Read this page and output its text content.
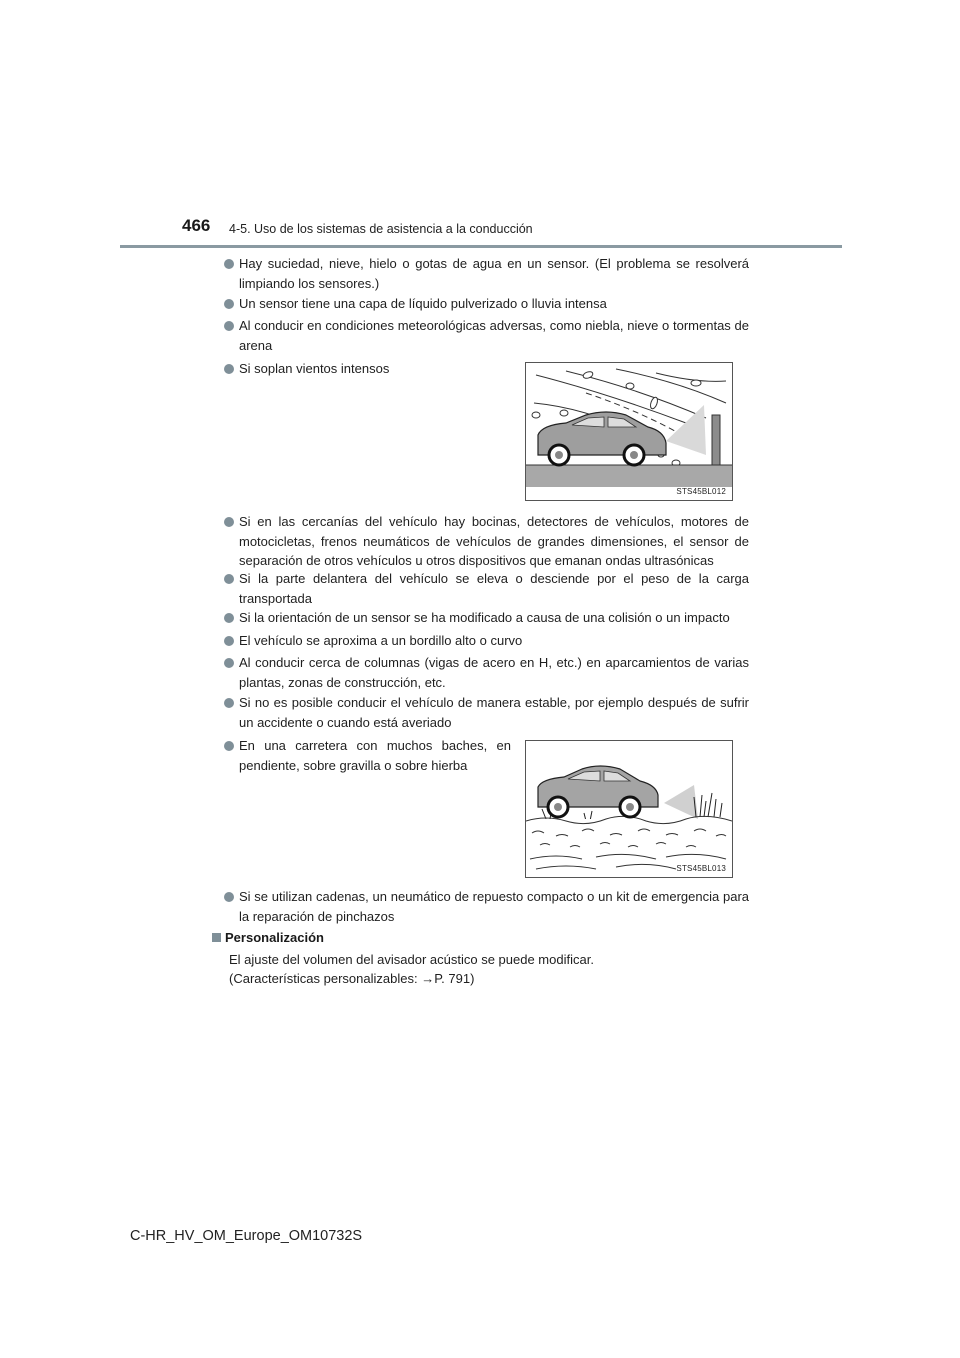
466 4-5. Uso de los sistemas de asistencia a la conducción
Hay suciedad, nieve, hielo o gotas de agua en un sensor. (El problema se resolverá limpiando los sensores.)
Un sensor tiene una capa de líquido pulverizado o lluvia intensa
Al conducir en condiciones meteorológicas adversas, como niebla, nieve o tormentas de arena
Si soplan vientos intensos
STS45BL012
Si en las cercanías del vehículo hay bocinas, detectores de vehículos, motores de motocicletas, frenos neumáticos de vehículos de grandes dimensiones, el sensor de separación de otros vehículos u otros dispositivos que emanan ondas ultrasónicas
Si la parte delantera del vehículo se eleva o desciende por el peso de la carga transportada
Si la orientación de un sensor se ha modificado a causa de una colisión o un impacto
El vehículo se aproxima a un bordillo alto o curvo
Al conducir cerca de columnas (vigas de acero en H, etc.) en aparcamientos de varias plantas, zonas de construcción, etc.
Si no es posible conducir el vehículo de manera estable, por ejemplo después de sufrir un accidente o cuando está averiado
En una carretera con muchos baches, en pendiente, sobre gravilla o sobre hierba
STS45BL013
Si se utilizan cadenas, un neumático de repuesto compacto o un kit de emergencia para la reparación de pinchazos
Personalización
El ajuste del volumen del avisador acústico se puede modificar.
(Características personalizables: →P. 791)
C-HR_HV_OM_Europe_OM10732S
